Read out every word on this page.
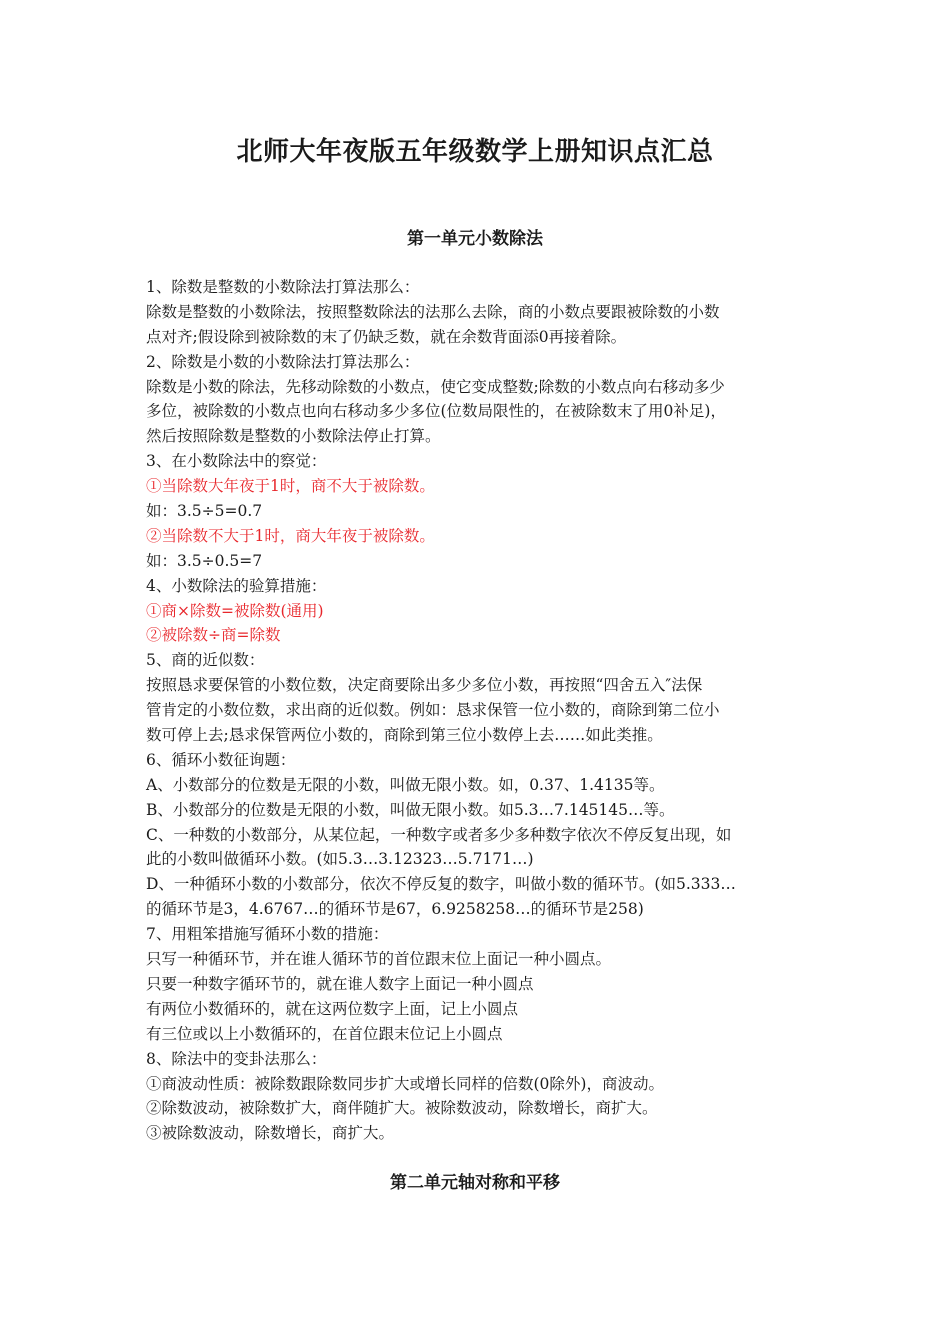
北师大年夜版五年级数学上册知识点汇总
第一单元小数除法
1、除数是整数的小数除法打算法那么：
除数是整数的小数除法，按照整数除法的法那么去除，商的小数点要跟被除数的小数
点对齐;假设除到被除数的末了仍缺乏数，就在余数背面添0再接着除。
2、除数是小数的小数除法打算法那么：
除数是小数的除法，先移动除数的小数点，使它变成整数;除数的小数点向右移动多少
多位，被除数的小数点也向右移动多少多位(位数局限性的，在被除数末了用0补足)，
然后按照除数是整数的小数除法停止打算。
3、在小数除法中的察觉：
①当除数大年夜于1时，商不大于被除数。
如：3.5÷5=0.7
②当除数不大于1时，商大年夜于被除数。
如：3.5÷0.5=7
4、小数除法的验算措施：
①商×除数=被除数(通用)
②被除数÷商=除数
5、商的近似数：
按照恳求要保管的小数位数，决定商要除出多少多位小数，再按照“四舍五入″法保
管肯定的小数位数，求出商的近似数。例如：恳求保管一位小数的，商除到第二位小
数可停上去;恳求保管两位小数的，商除到第三位小数停上去……如此类推。
6、循环小数征询题：
A、小数部分的位数是无限的小数，叫做无限小数。如，0.37、1.4135等。
B、小数部分的位数是无限的小数，叫做无限小数。如5.3…7.145145…等。
C、一种数的小数部分，从某位起，一种数字或者多少多种数字依次不停反复出现，如
此的小数叫做循环小数。(如5.3…3.12323…5.7171…)
D、一种循环小数的小数部分，依次不停反复的数字，叫做小数的循环节。(如5.333…
的循环节是3，4.6767…的循环节是67，6.9258258…的循环节是258)
7、用粗笨措施写循环小数的措施：
只写一种循环节，并在谁人循环节的首位跟末位上面记一种小圆点。
只要一种数字循环节的，就在谁人数字上面记一种小圆点
有两位小数循环的，就在这两位数字上面，记上小圆点
有三位或以上小数循环的，在首位跟末位记上小圆点
8、除法中的变卦法那么：
①商波动性质：被除数跟除数同步扩大或增长同样的倍数(0除外)，商波动。
②除数波动，被除数扩大，商伴随扩大。被除数波动，除数增长，商扩大。
③被除数波动，除数增长，商扩大。
第二单元轴对称和平移
